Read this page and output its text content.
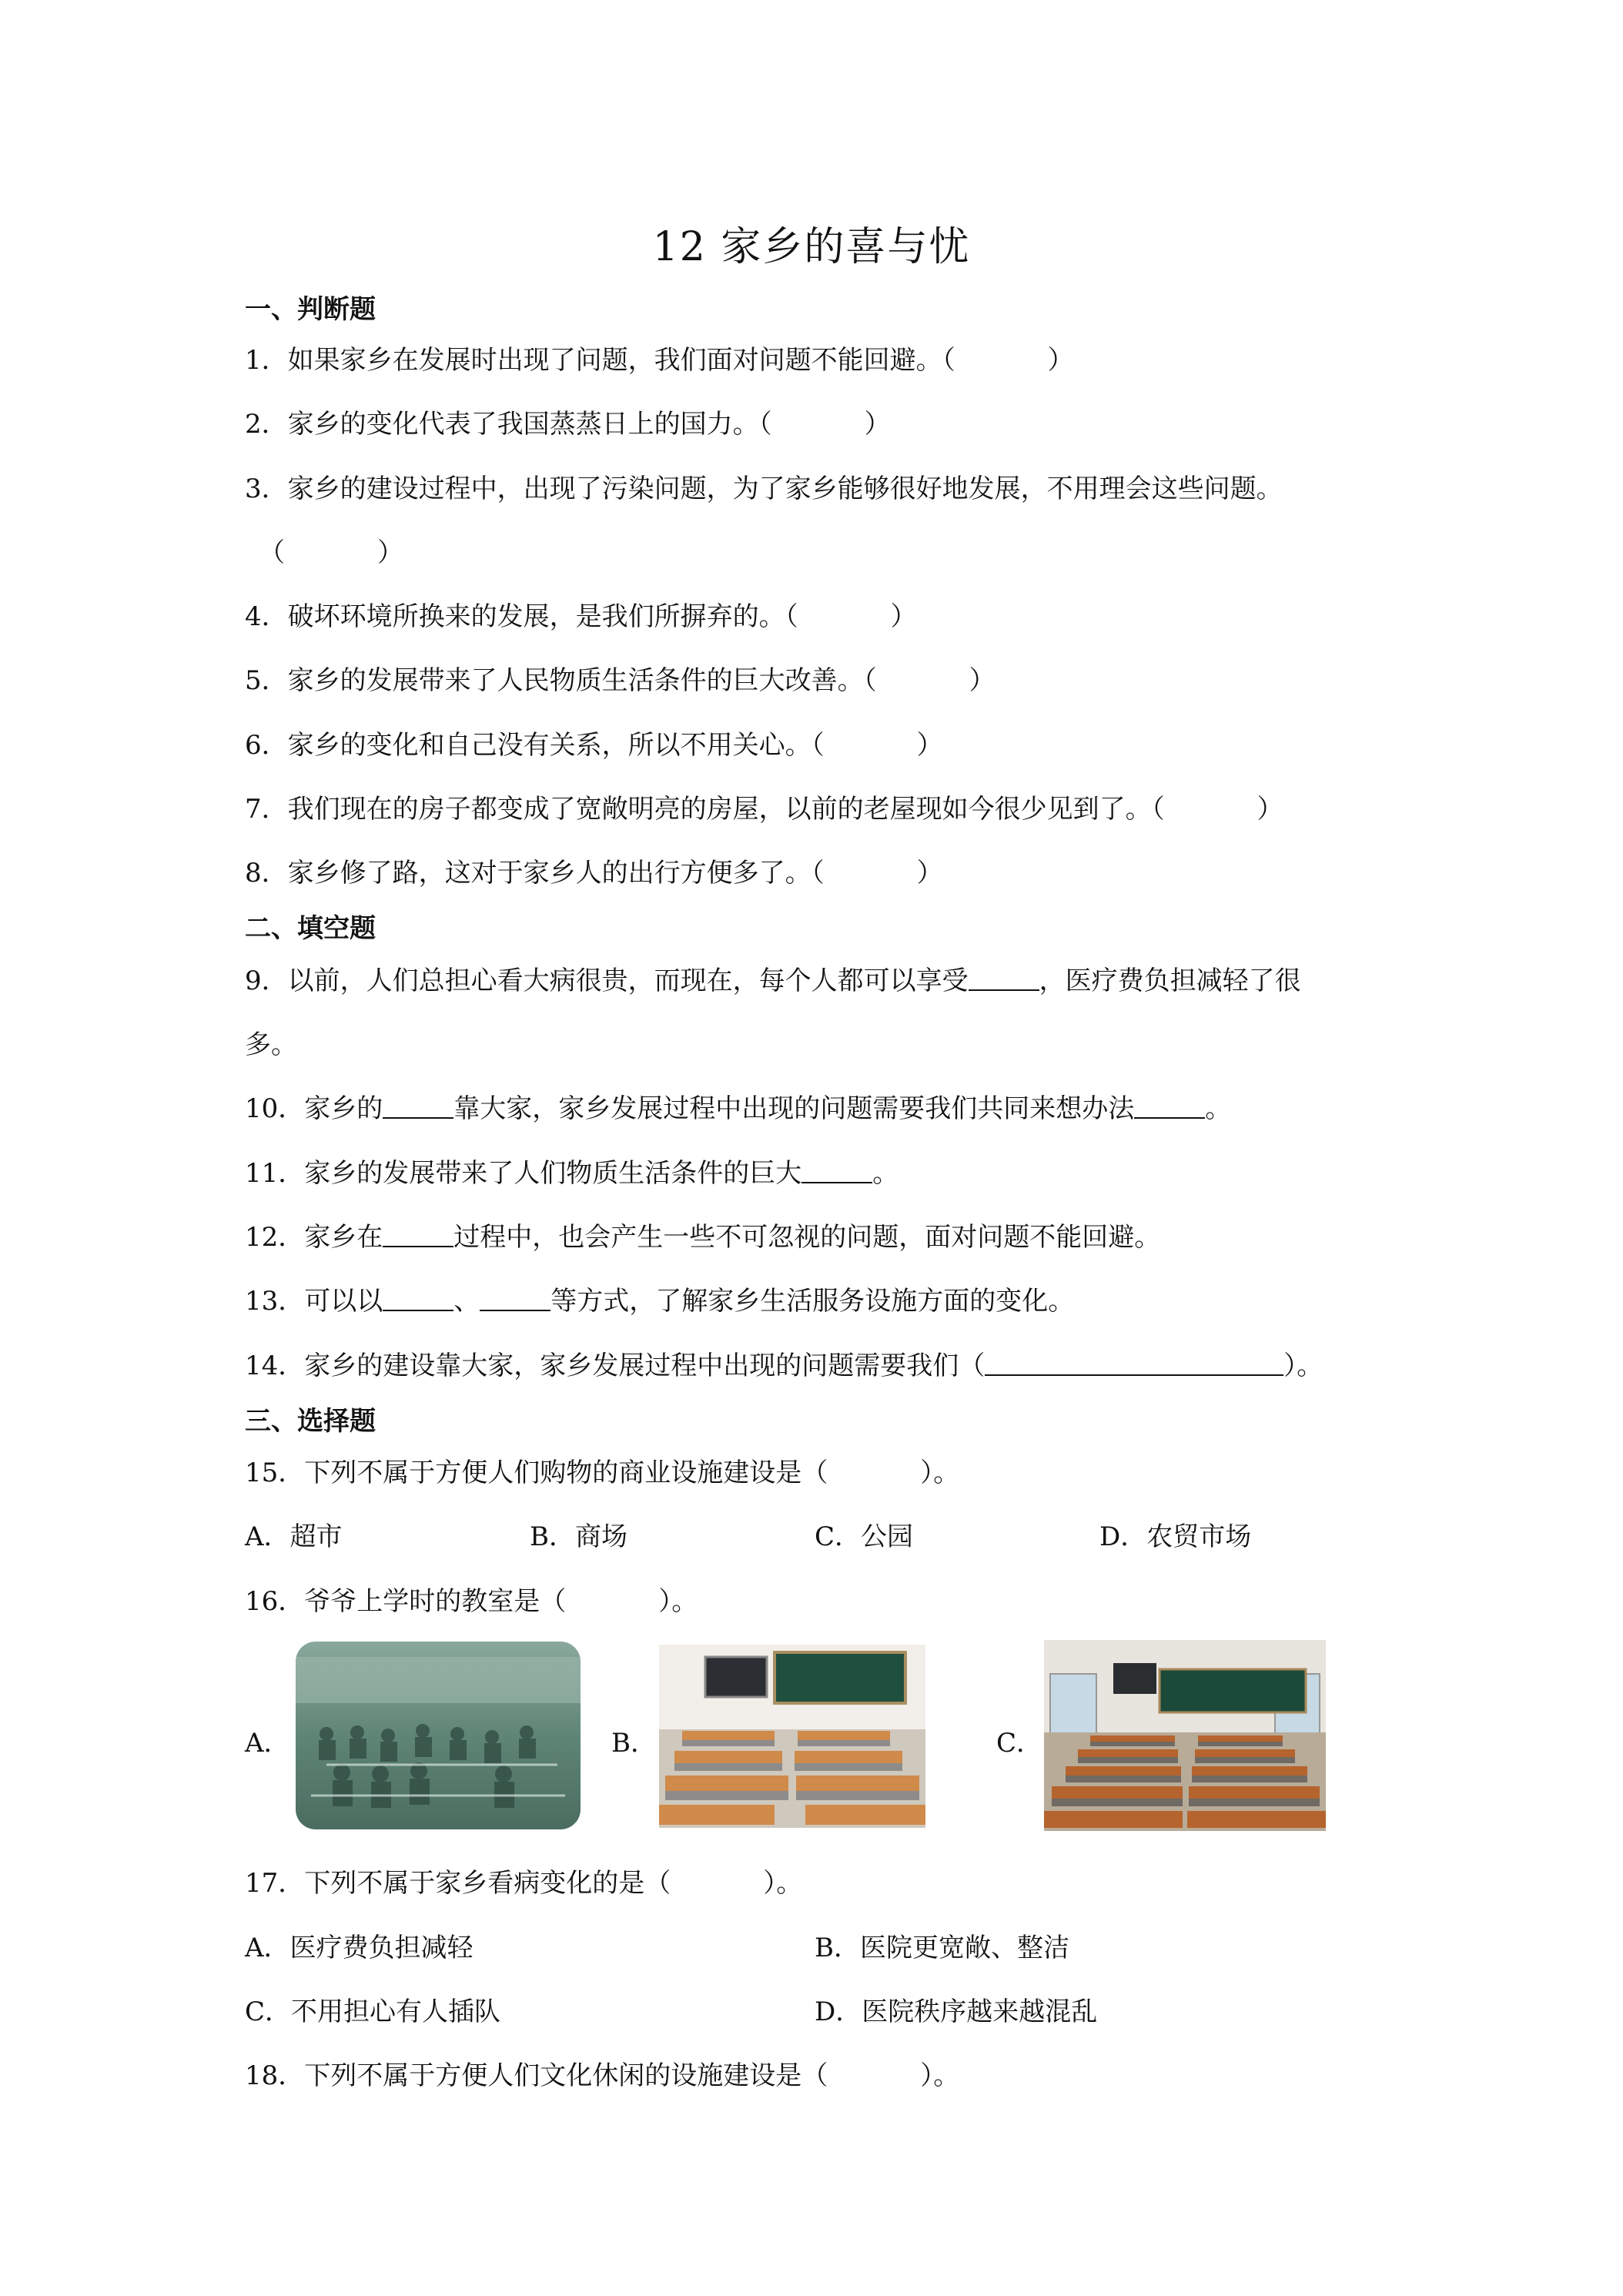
12 家乡的喜与忧
一、判断题
1．如果家乡在发展时出现了问题，我们面对问题不能回避。（	）
2．家乡的变化代表了我国蒸蒸日上的国力。（	）
3．家乡的建设过程中，出现了污染问题，为了家乡能够很好地发展，不用理会这些问题。
（	）
4．破坏环境所换来的发展，是我们所摒弃的。（	）
5．家乡的发展带来了人民物质生活条件的巨大改善。（	）
6．家乡的变化和自己没有关系，所以不用关心。（	）
7．我们现在的房子都变成了宽敞明亮的房屋，以前的老屋现如今很少见到了。（	）
8．家乡修了路，这对于家乡人的出行方便多了。（	）
二、填空题
9．以前，人们总担心看大病很贵，而现在，每个人都可以享受	，医疗费负担减轻了很
多。
10．家乡的	靠大家，家乡发展过程中出现的问题需要我们共同来想办法	。
11．家乡的发展带来了人们物质生活条件的巨大	。
12．家乡在	过程中，也会产生一些不可忽视的问题，面对问题不能回避。
13．可以以	、	等方式，了解家乡生活服务设施方面的变化。
14．家乡的建设靠大家，家乡发展过程中出现的问题需要我们（	）。
三、选择题
15．下列不属于方便人们购物的商业设施建设是（	）。
A．超市	B．商场	C．公园	D．农贸市场
16．爷爷上学时的教室是（	）。
A．	B．	C．
17．下列不属于家乡看病变化的是（	）。
A．医疗费负担减轻	B．医院更宽敞、整洁
C．不用担心有人插队	D．医院秩序越来越混乱
18．下列不属于方便人们文化休闲的设施建设是（	）。
